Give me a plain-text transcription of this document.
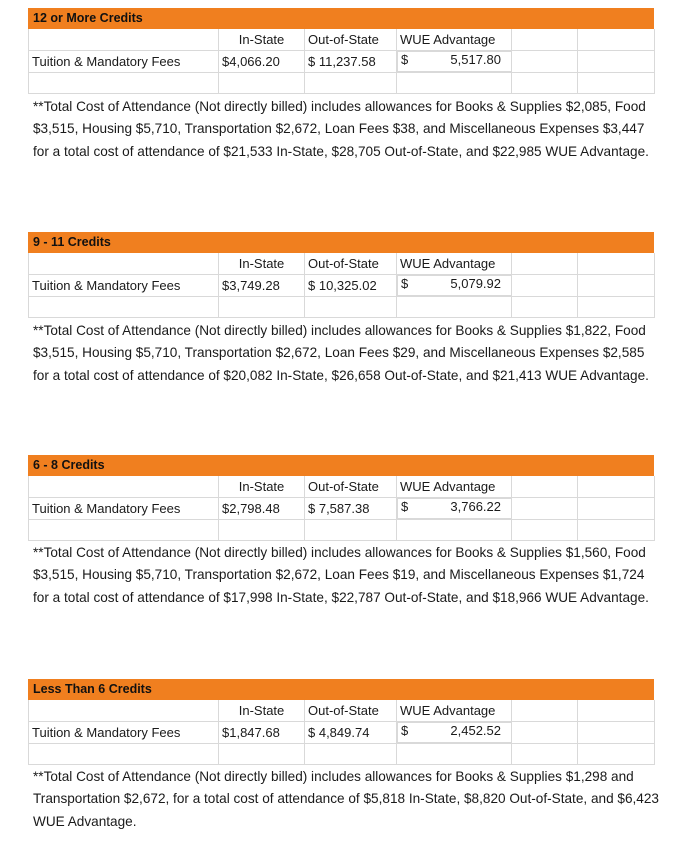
12 or More Credits
	In-State	Out-of-State	WUE Advantage		
Tuition & Mandatory Fees	$4,066.20	$ 11,237.58	$	5,517.80

**Total Cost of Attendance (Not directly billed) includes allowances for Books & Supplies $2,085, Food $3,515, Housing $5,710, Transportation $2,672, Loan Fees $38, and Miscellaneous Expenses $3,447 for a total cost of attendance of $21,533 In-State, $28,705 Out-of-State, and $22,985 WUE Advantage.

9 - 11 Credits
	In-State	Out-of-State	WUE Advantage		
Tuition & Mandatory Fees	$3,749.28	$ 10,325.02	$	5,079.92

**Total Cost of Attendance (Not directly billed) includes allowances for Books & Supplies $1,822, Food $3,515, Housing $5,710, Transportation $2,672, Loan Fees $29, and Miscellaneous Expenses $2,585 for a total cost of attendance of $20,082 In-State, $26,658 Out-of-State, and $21,413 WUE Advantage.

6 - 8 Credits
	In-State	Out-of-State	WUE Advantage		
Tuition & Mandatory Fees	$2,798.48	$ 7,587.38	$	3,766.22

**Total Cost of Attendance (Not directly billed) includes allowances for Books & Supplies $1,560, Food $3,515, Housing $5,710, Transportation $2,672, Loan Fees $19, and Miscellaneous Expenses $1,724 for a total cost of attendance of $17,998 In-State, $22,787 Out-of-State, and $18,966 WUE Advantage.

Less Than 6 Credits
	In-State	Out-of-State	WUE Advantage		
Tuition & Mandatory Fees	$1,847.68	$ 4,849.74	$	2,452.52

**Total Cost of Attendance (Not directly billed) includes allowances for Books & Supplies $1,298 and Transportation $2,672, for a total cost of attendance of $5,818 In-State, $8,820 Out-of-State, and $6,423 WUE Advantage.
